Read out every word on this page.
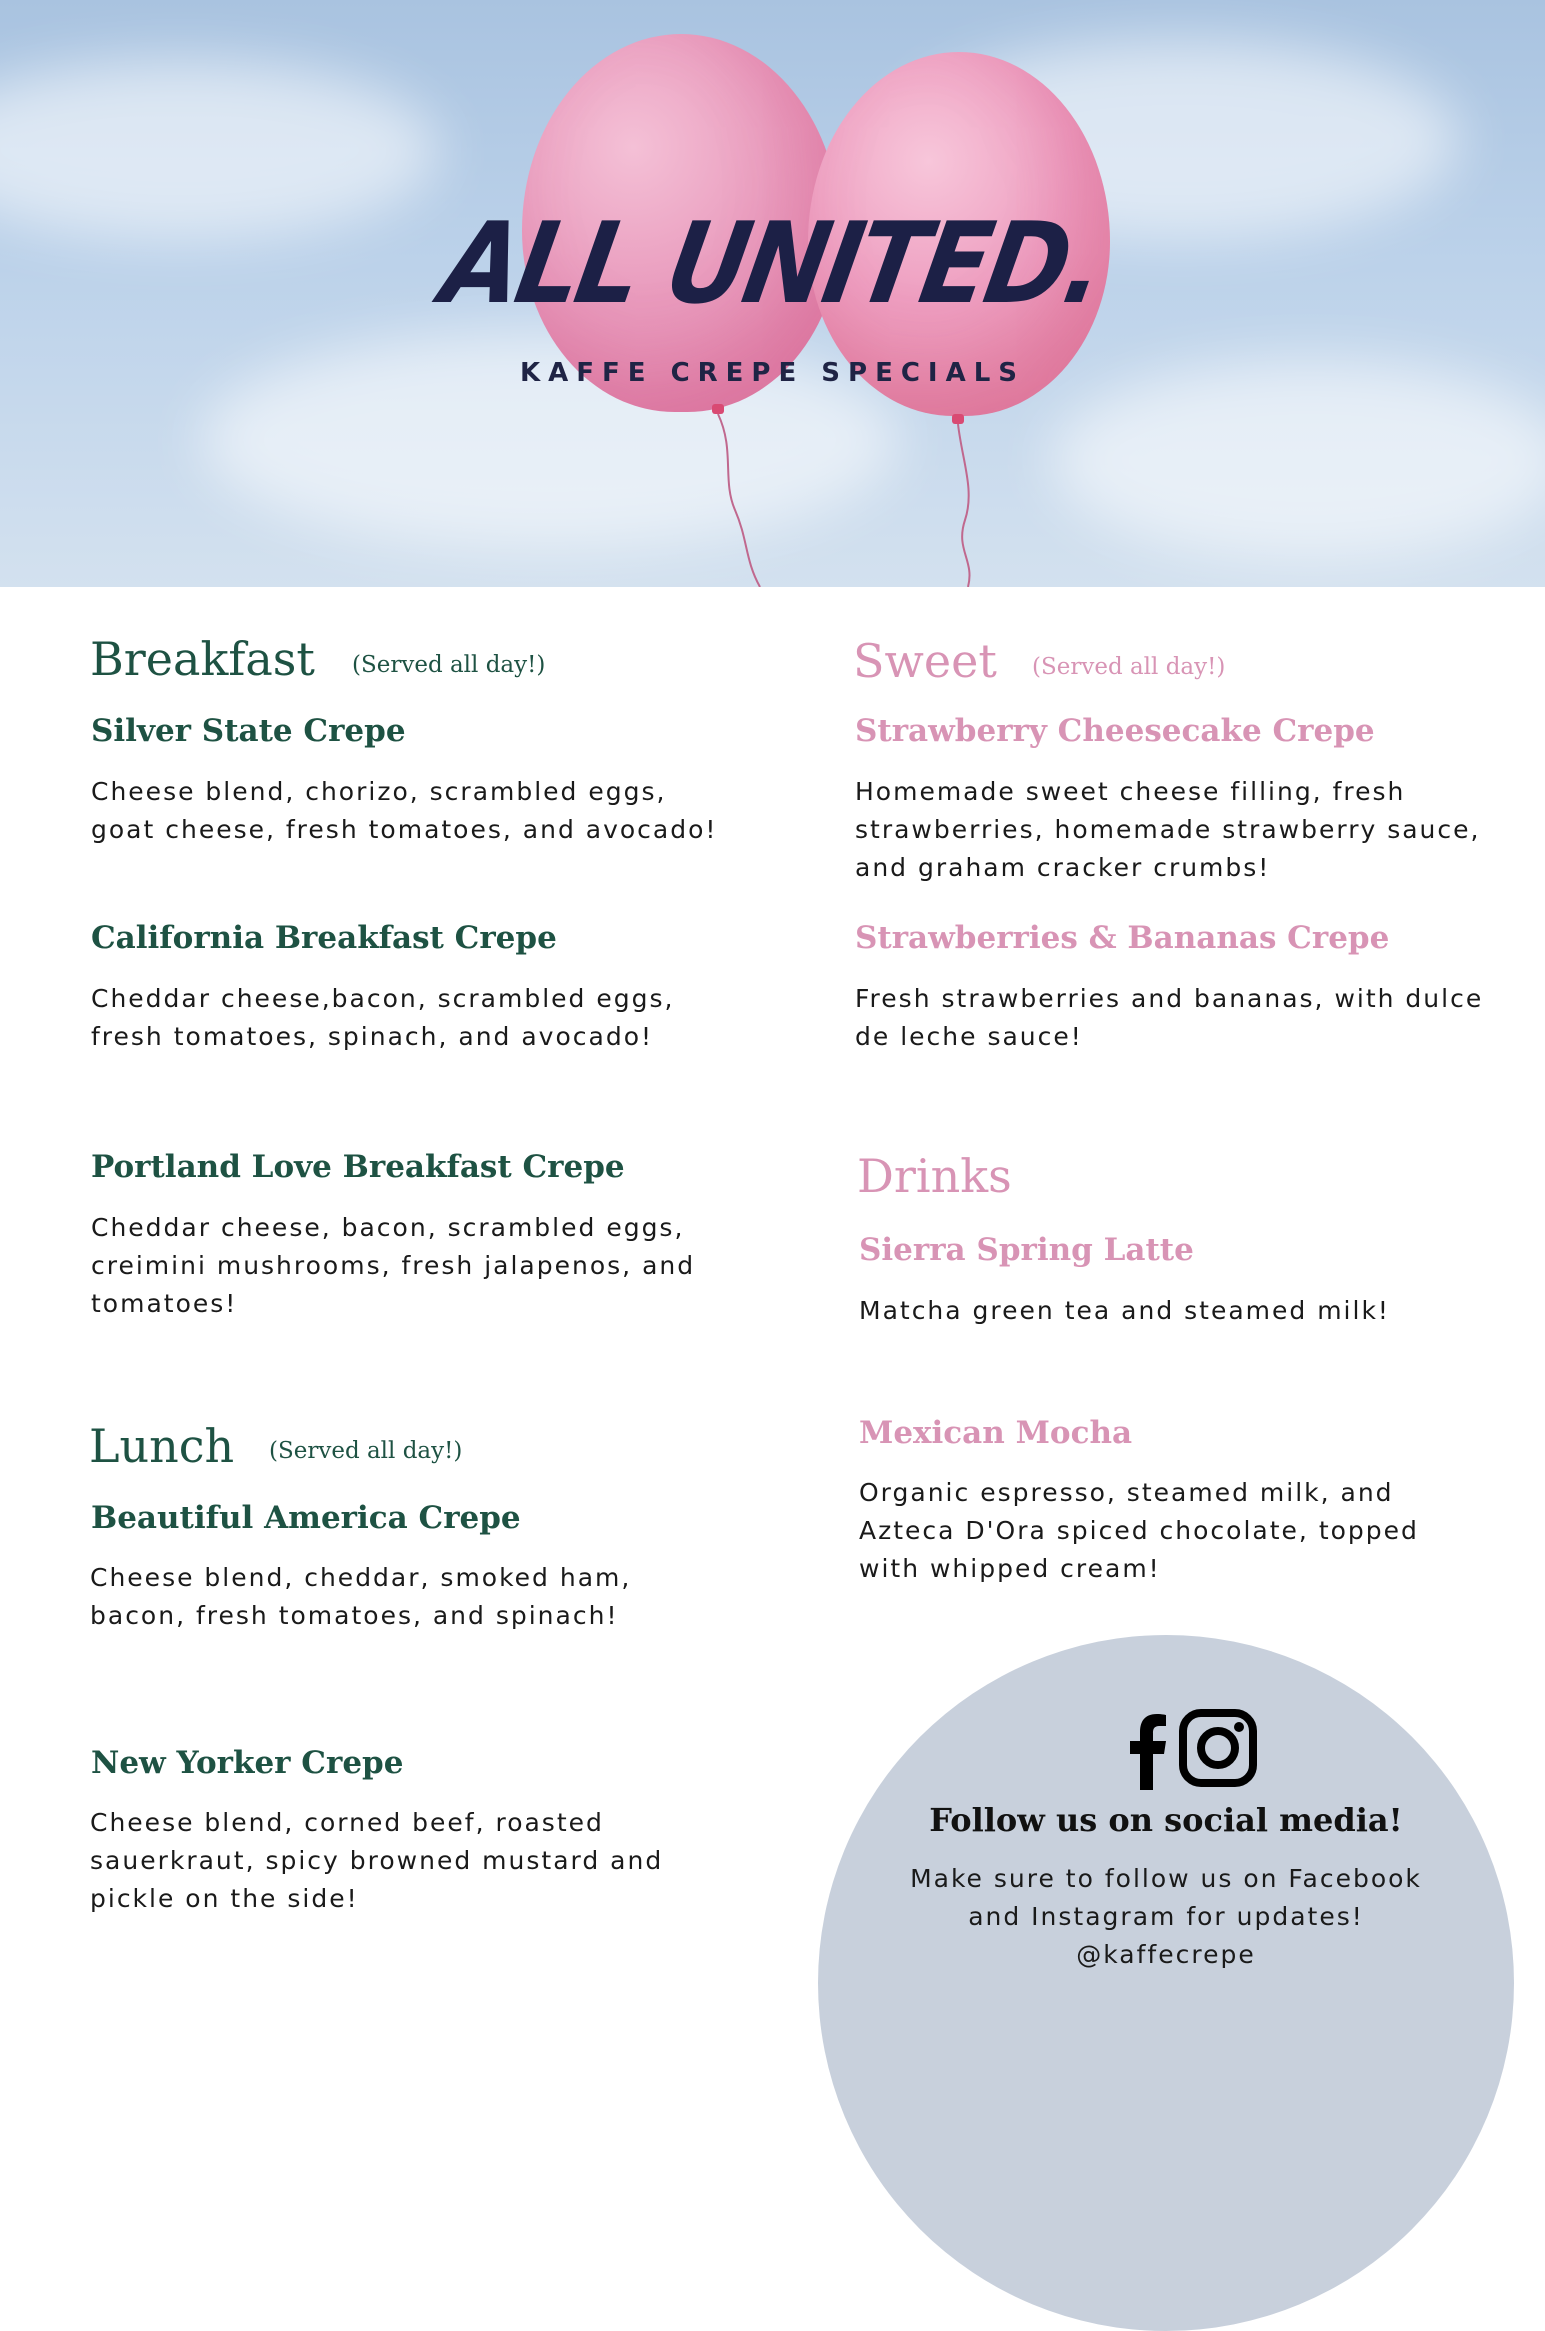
ALL UNITED.
KAFFE CREPE SPECIALS
Breakfast (Served all day!)
Silver State Crepe
Cheese blend, chorizo, scrambled eggs, goat cheese, fresh tomatoes, and avocado!
California Breakfast Crepe
Cheddar cheese,bacon, scrambled eggs, fresh tomatoes, spinach, and avocado!
Portland Love Breakfast Crepe
Cheddar cheese, bacon, scrambled eggs, creimini mushrooms, fresh jalapenos, and tomatoes!
Lunch (Served all day!)
Beautiful America Crepe
Cheese blend, cheddar, smoked ham, bacon, fresh tomatoes, and spinach!
New Yorker Crepe
Cheese blend, corned beef, roasted sauerkraut, spicy browned mustard and pickle on the side!
Sweet (Served all day!)
Strawberry Cheesecake Crepe
Homemade sweet cheese filling, fresh strawberries, homemade strawberry sauce, and graham cracker crumbs!
Strawberries & Bananas Crepe
Fresh strawberries and bananas, with dulce de leche sauce!
Drinks
Sierra Spring Latte
Matcha green tea and steamed milk!
Mexican Mocha
Organic espresso, steamed milk, and Azteca D'Ora spiced chocolate, topped with whipped cream!
Follow us on social media!
Make sure to follow us on Facebook and Instagram for updates! @kaffecrepe
